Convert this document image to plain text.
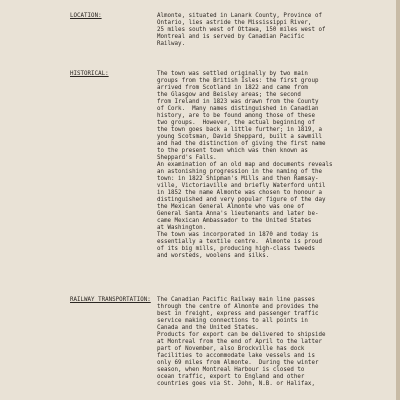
LOCATION:	Almonte, situated in Lanark County, Province of
Ontario, lies astride the Mississippi River,
25 miles south west of Ottawa, 150 miles west of
Montreal and is served by Canadian Pacific
Railway.

HISTORICAL:	The town was settled originally by two main
groups from the British Isles: the first group
arrived from Scotland in 1822 and came from
the Glasgow and Beisley areas; the second
from Ireland in 1823 was drawn from the County
of Cork.  Many names distinguished in Canadian
history, are to be found among those of these
two groups.  However, the actual beginning of
the town goes back a little further; in 1819, a
young Scotsman, David Sheppard, built a sawmill
and had the distinction of giving the first name
to the present town which was then known as
Sheppard's Falls.
An examination of an old map and documents reveals
an astonishing progression in the naming of the
town: in 1822 Shipman's Mills and then Ramsay-
ville, Victoriaville and briefly Waterford until
in 1852 the name Almonte was chosen to honour a
distinguished and very popular figure of the day
the Mexican General Almonte who was one of
General Santa Anna's lieutenants and later be-
came Mexican Ambassador to the United States
at Washington.
The town was incorporated in 1870 and today is
essentially a textile centre.  Almonte is proud
of its big mills, producing high-class tweeds
and worsteds, woolens and silks.

RAILWAY TRANSPORTATION: The Canadian Pacific Railway main line passes
through the centre of Almonte and provides the
best in freight, express and passenger traffic
service making connections to all points in
Canada and the United States.
Products for export can be delivered to shipside
at Montreal from the end of April to the latter
part of November, also Brockville has dock
facilities to accommodate lake vessels and is
only 69 miles from Almonte.  During the winter
season, when Montreal Harbour is closed to
ocean traffic, export to England and other
countries goes via St. John, N.B. or Halifax,
